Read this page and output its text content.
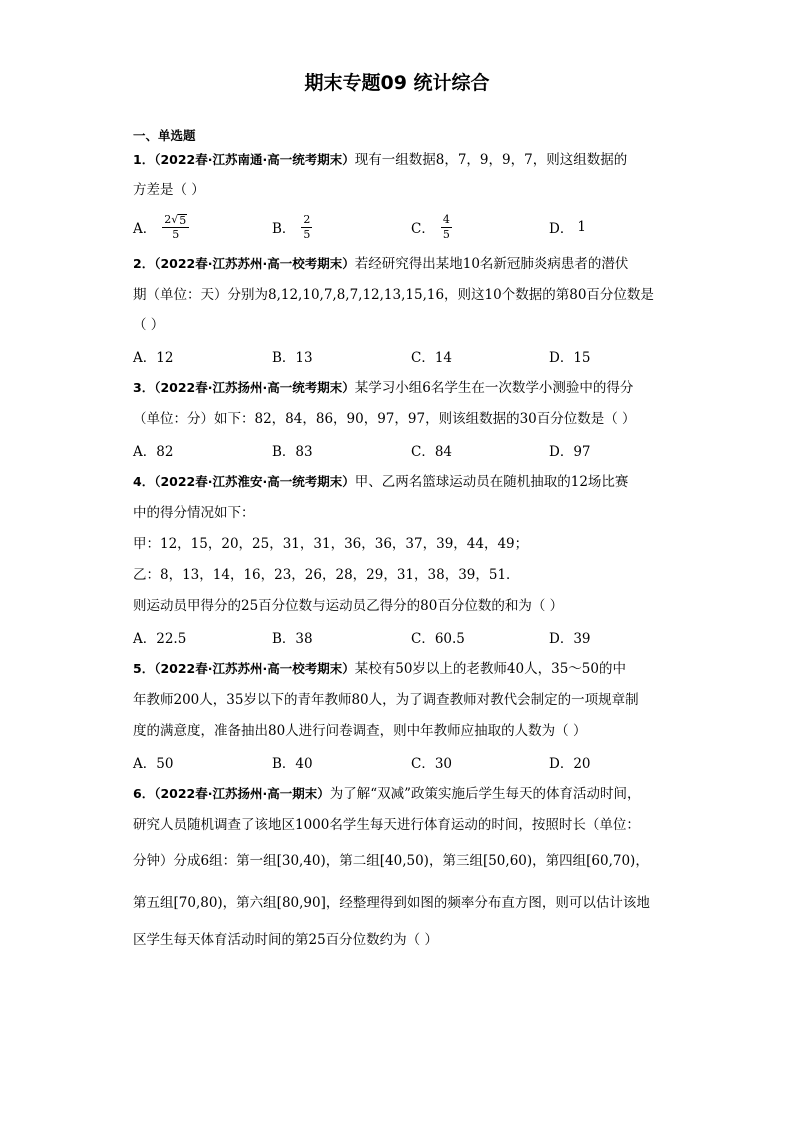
期末专题09 统计综合
一、单选题
1．（2022春·江苏南通·高一统考期末）现有一组数据8，7，9，9，7，则这组数据的
方差是（ ）
A． $\frac{2 √ 5}{5}$	B． $\frac{2}{5}$	C． $\frac{4}{5}$	D． 1
2．（2022春·江苏苏州·高一校考期末）若经研究得出某地10名新冠肺炎病患者的潜伏
期（单位：天）分别为8,12,10,7,8,7,12,13,15,16，则这10个数据的第80百分位数是
（ ）
A．12	B．13	C．14	D．15
3．（2022春·江苏扬州·高一统考期末）某学习小组6名学生在一次数学小测验中的得分
（单位：分）如下：82，84，86，90，97，97，则该组数据的30百分位数是（ ）
A．82	B．83	C．84	D．97
4．（2022春·江苏淮安·高一统考期末）甲、乙两名篮球运动员在随机抽取的12场比赛
中的得分情况如下：
甲：12，15，20，25，31，31，36，36，37，39，44，49；
乙：8，13，14，16，23，26，28，29，31，38，39，51．
则运动员甲得分的25百分位数与运动员乙得分的80百分位数的和为（ ）
A．22.5	B．38	C．60.5	D．39
5．（2022春·江苏苏州·高一校考期末）某校有50岁以上的老教师40人，35～50的中
年教师200人，35岁以下的青年教师80人，为了调查教师对教代会制定的一项规章制
度的满意度，准备抽出80人进行问卷调查，则中年教师应抽取的人数为（ ）
A．50	B．40	C．30	D．20
6．（2022春·江苏扬州·高一期末）为了解“双减”政策实施后学生每天的体育活动时间，
研究人员随机调查了该地区1000名学生每天进行体育运动的时间，按照时长（单位：
分钟）分成6组：第一组[30,40)，第二组[40,50)，第三组[50,60)，第四组[60,70)，
第五组[70,80)，第六组[80,90]，经整理得到如图的频率分布直方图，则可以估计该地
区学生每天体育活动时间的第25百分位数约为（ ）
